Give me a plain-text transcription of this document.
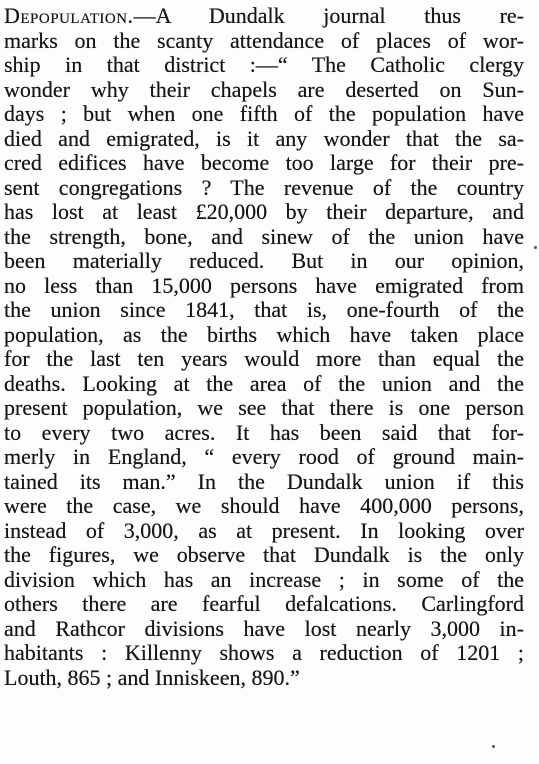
Depopulation.—A Dundalk journal thus re-
marks on the scanty attendance of places of wor-
ship in that district :—“ The Catholic clergy
wonder why their chapels are deserted on Sun-
days ; but when one fifth of the population have
died and emigrated, is it any wonder that the sa-
cred edifices have become too large for their pre-
sent congregations ? The revenue of the country
has lost at least £20,000 by their departure, and
the strength, bone, and sinew of the union have
been materially reduced. But in our opinion,
no less than 15,000 persons have emigrated from
the union since 1841, that is, one-fourth of the
population, as the births which have taken place
for the last ten years would more than equal the
deaths. Looking at the area of the union and the
present population, we see that there is one person
to every two acres. It has been said that for-
merly in England, “ every rood of ground main-
tained its man.” In the Dundalk union if this
were the case, we should have 400,000 persons,
instead of 3,000, as at present. In looking over
the figures, we observe that Dundalk is the only
division which has an increase ; in some of the
others there are fearful defalcations. Carlingford
and Rathcor divisions have lost nearly 3,000 in-
habitants : Killenny shows a reduction of 1201 ;
Louth, 865 ; and Inniskeen, 890.”
